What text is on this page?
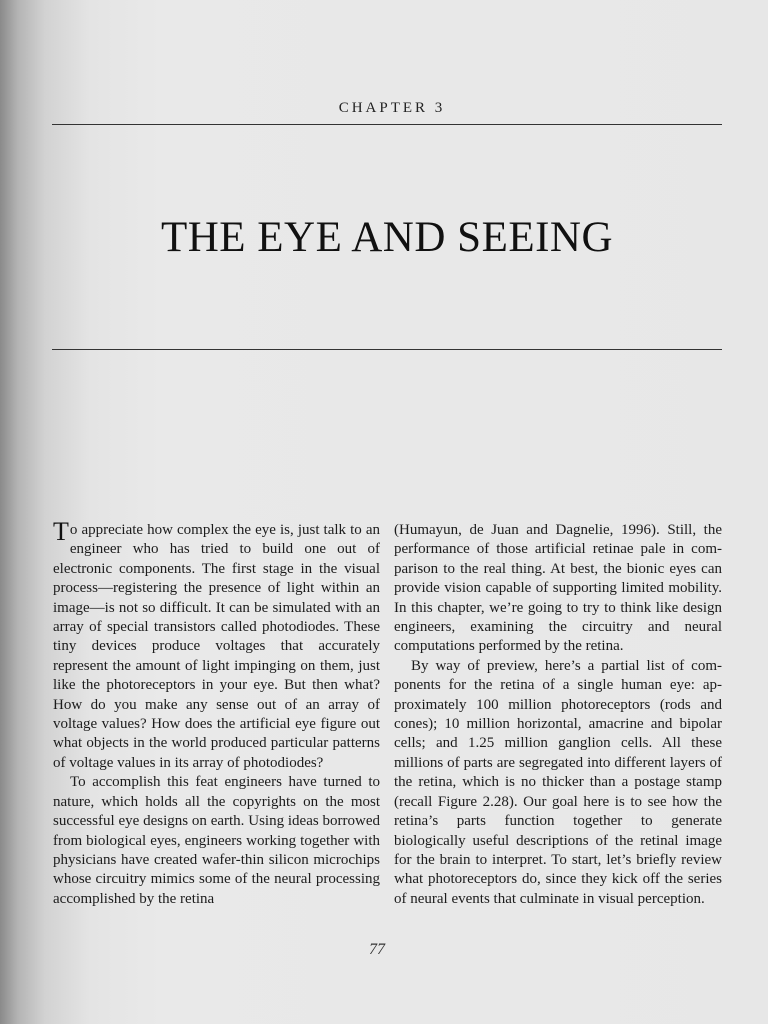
CHAPTER 3
THE EYE AND SEEING

To appreciate how complex the eye is, just talk to an engineer who has tried to build one out of electronic components. The first stage in the visual process—registering the presence of light within an image—is not so difficult. It can be simulated with an array of special transistors called photodiodes. These tiny devices produce voltages that accurately represent the amount of light impinging on them, just like the photoreceptors in your eye. But then what? How do you make any sense out of an array of voltage values? How does the artificial eye figure out what objects in the world produced particular patterns of voltage values in its array of photodiodes?

To accomplish this feat engineers have turned to nature, which holds all the copyrights on the most successful eye designs on earth. Using ideas borrowed from biological eyes, engineers working together with physicians have created wafer-thin silicon microchips whose circuitry mimics some of the neural processing accomplished by the retina

(Humayun, de Juan and Dagnelie, 1996). Still, the performance of those artificial retinae pale in comparison to the real thing. At best, the bionic eyes can provide vision capable of supporting limited mobility. In this chapter, we’re going to try to think like design engineers, examining the circuitry and neural computations performed by the retina.

By way of preview, here’s a partial list of components for the retina of a single human eye: approximately 100 million photoreceptors (rods and cones); 10 million horizontal, amacrine and bipolar cells; and 1.25 million ganglion cells. All these millions of parts are segregated into different layers of the retina, which is no thicker than a postage stamp (recall Figure 2.28). Our goal here is to see how the retina’s parts function together to generate biologically useful descriptions of the retinal image for the brain to interpret. To start, let’s briefly review what photoreceptors do, since they kick off the series of neural events that culminate in visual perception.

77
